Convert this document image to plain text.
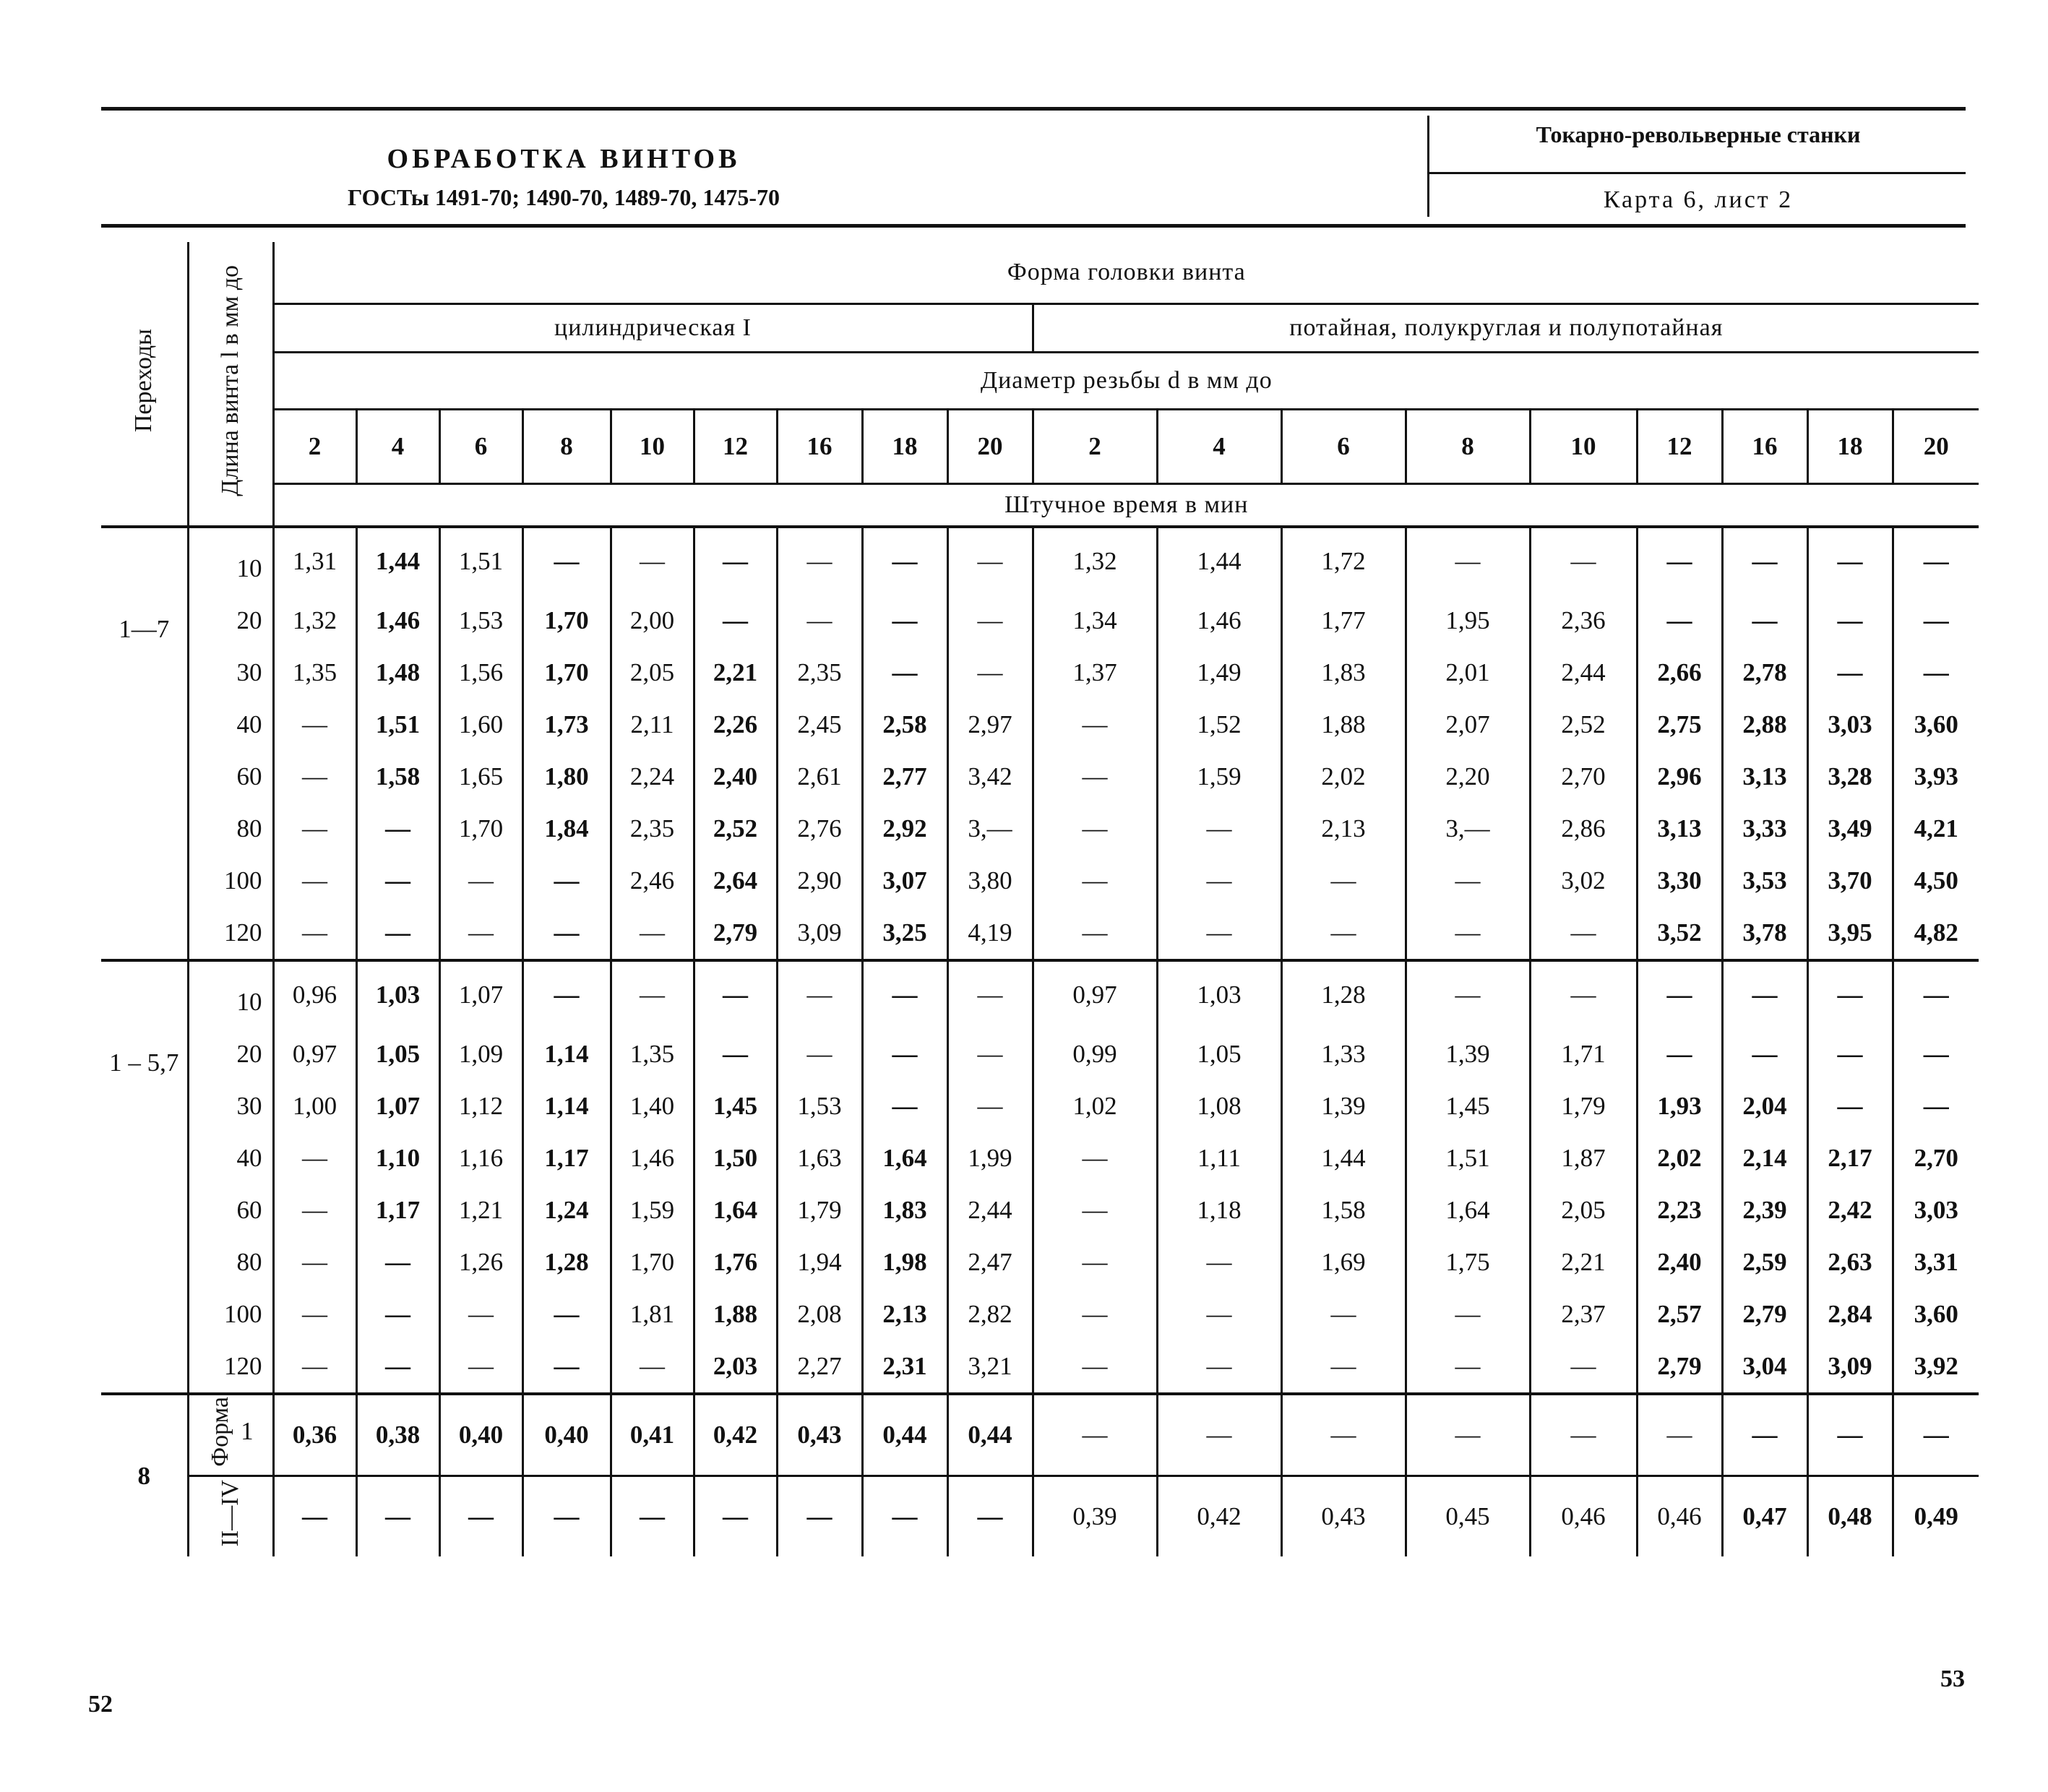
ОБРАБОТКА ВИНТОВ
ГОСТы 1491-70; 1490-70, 1489-70, 1475-70
Токарно-револьверные станки
Карта 6, лист 2
Переходы	Длина винта l в мм до	Форма головки винта																	
		цилиндрическая I									потайная, полукруглая и полупотайная								
		Диаметр резьбы d в мм до																	
		2	4	6	8	10	12	16	18	20	2	4	6	8	10	12	16	18	20
		Штучное время в мин																	
1—7	10	1,31	1,44	1,51	—	—	—	—	—	—	1,32	1,44	1,72	—	—	—	—	—	—
	20	1,32	1,46	1,53	1,70	2,00	—	—	—	—	1,34	1,46	1,77	1,95	2,36	—	—	—	—
	30	1,35	1,48	1,56	1,70	2,05	2,21	2,35	—	—	1,37	1,49	1,83	2,01	2,44	2,66	2,78	—	—
	40	—	1,51	1,60	1,73	2,11	2,26	2,45	2,58	2,97	—	1,52	1,88	2,07	2,52	2,75	2,88	3,03	3,60
	60	—	1,58	1,65	1,80	2,24	2,40	2,61	2,77	3,42	—	1,59	2,02	2,20	2,70	2,96	3,13	3,28	3,93
	80	—	—	1,70	1,84	2,35	2,52	2,76	2,92	3,—	—	—	2,13	3,—	2,86	3,13	3,33	3,49	4,21
	100	—	—	—	—	2,46	2,64	2,90	3,07	3,80	—	—	—	—	3,02	3,30	3,53	3,70	4,50
	120	—	—	—	—	—	2,79	3,09	3,25	4,19	—	—	—	—	—	3,52	3,78	3,95	4,82
1 – 5,7	10	0,96	1,03	1,07	—	—	—	—	—	—	0,97	1,03	1,28	—	—	—	—	—	—
	20	0,97	1,05	1,09	1,14	1,35	—	—	—	—	0,99	1,05	1,33	1,39	1,71	—	—	—	—
	30	1,00	1,07	1,12	1,14	1,40	1,45	1,53	—	—	1,02	1,08	1,39	1,45	1,79	1,93	2,04	—	—
	40	—	1,10	1,16	1,17	1,46	1,50	1,63	1,64	1,99	—	1,11	1,44	1,51	1,87	2,02	2,14	2,17	2,70
	60	—	1,17	1,21	1,24	1,59	1,64	1,79	1,83	2,44	—	1,18	1,58	1,64	2,05	2,23	2,39	2,42	3,03
	80	—	—	1,26	1,28	1,70	1,76	1,94	1,98	2,47	—	—	1,69	1,75	2,21	2,40	2,59	2,63	3,31
	100	—	—	—	—	1,81	1,88	2,08	2,13	2,82	—	—	—	—	2,37	2,57	2,79	2,84	3,60
	120	—	—	—	—	—	2,03	2,27	2,31	3,21	—	—	—	—	—	2,79	3,04	3,09	3,92
8	Форма 1	0,36	0,38	0,40	0,40	0,41	0,42	0,43	0,44	0,44	—	—	—	—	—	—	—	—	—

	II—IV	—	—	—	—	—	—	—	—	—	0,39	0,42	0,43	0,45	0,46	0,46	0,47	0,48	0,49
52
53
